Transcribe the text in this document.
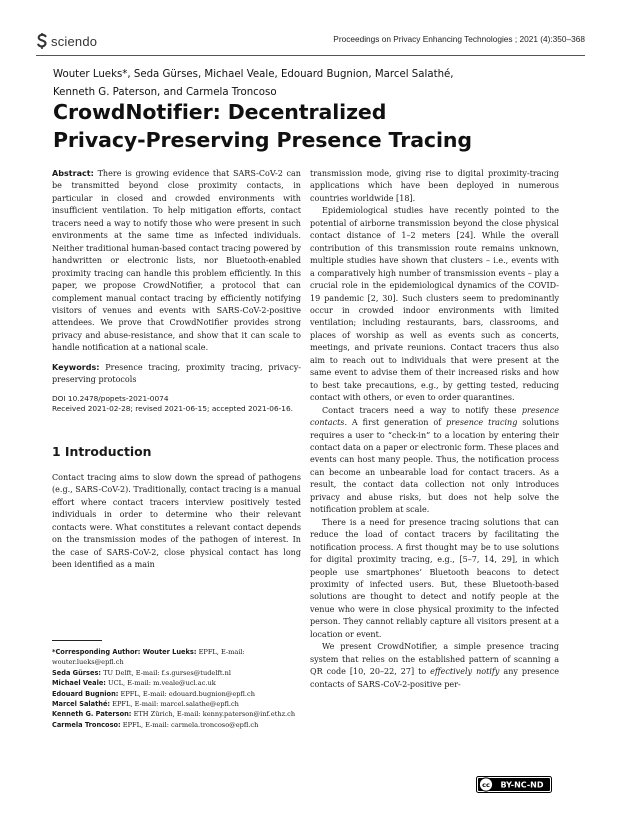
sciendo	Proceedings on Privacy Enhancing Technologies ; 2021 (4):350–368
Wouter Lueks*, Seda Gürses, Michael Veale, Edouard Bugnion, Marcel Salathé,
Kenneth G. Paterson, and Carmela Troncoso
CrowdNotifier: Decentralized
Privacy-Preserving Presence Tracing

Abstract: There is growing evidence that SARS-CoV-2 can be transmitted beyond close proximity contacts, in particular in closed and crowded environments with insufficient ventilation. To help mitigation efforts, contact tracers need a way to notify those who were present in such environments at the same time as infected individuals. Neither traditional human-based contact tracing powered by handwritten or electronic lists, nor Bluetooth-enabled proximity tracing can handle this problem efficiently. In this paper, we propose CrowdNotifier, a protocol that can complement manual contact tracing by efficiently notifying visitors of venues and events with SARS-CoV-2-positive attendees. We prove that CrowdNotifier provides strong privacy and abuse-resistance, and show that it can scale to handle notification at a national scale.

Keywords: Presence tracing, proximity tracing, privacy-preserving protocols

DOI 10.2478/popets-2021-0074
Received 2021-02-28; revised 2021-06-15; accepted 2021-06-16.

1 Introduction

Contact tracing aims to slow down the spread of pathogens (e.g., SARS-CoV-2). Traditionally, contact tracing is a manual effort where contact tracers interview positively tested individuals in order to determine who their relevant contacts were. What constitutes a relevant contact depends on the transmission modes of the pathogen of interest. In the case of SARS-CoV-2, close physical contact has long been identified as a main

*Corresponding Author: Wouter Lueks: EPFL, E-mail: wouter.lueks@epfl.ch

Seda Gürses: TU Delft, E-mail: f.s.gurses@tudelft.nl

Michael Veale: UCL, E-mail: m.veale@ucl.ac.uk

Edouard Bugnion: EPFL, E-mail: edouard.bugnion@epfl.ch

Marcel Salathé: EPFL, E-mail: marcel.salathe@epfl.ch

Kenneth G. Paterson: ETH Zürich, E-mail: kenny.paterson@inf.ethz.ch

Carmela Troncoso: EPFL, E-mail: carmela.troncoso@epfl.ch

transmission mode, giving rise to digital proximity-tracing applications which have been deployed in numerous countries worldwide [18].

Epidemiological studies have recently pointed to the potential of airborne transmission beyond the close physical contact distance of 1–2 meters [24]. While the overall contribution of this transmission route remains unknown, multiple studies have shown that clusters – i.e., events with a comparatively high number of transmission events – play a crucial role in the epidemiological dynamics of the COVID-19 pandemic [2, 30]. Such clusters seem to predominantly occur in crowded indoor environments with limited ventilation; including restaurants, bars, classrooms, and places of worship as well as events such as concerts, meetings, and private reunions. Contact tracers thus also aim to reach out to individuals that were present at the same event to advise them of their increased risks and how to best take precautions, e.g., by getting tested, reducing contact with others, or even to order quarantines.

Contact tracers need a way to notify these presence contacts. A first generation of presence tracing solutions requires a user to “check-in” to a location by entering their contact data on a paper or electronic form. These places and events can host many people. Thus, the notification process can become an unbearable load for contact tracers. As a result, the contact data collection not only introduces privacy and abuse risks, but does not help solve the notification problem at scale.

There is a need for presence tracing solutions that can reduce the load of contact tracers by facilitating the notification process. A first thought may be to use solutions for digital proximity tracing, e.g., [5–7, 14, 29], in which people use smartphones’ Bluetooth beacons to detect proximity of infected users. But, these Bluetooth-based solutions are thought to detect and notify people at the venue who were in close physical proximity to the infected person. They cannot reliably capture all visitors present at a location or event.

We present CrowdNotifier, a simple presence tracing system that relies on the established pattern of scanning a QR code [10, 20–22, 27] to effectively notify any presence contacts of SARS-CoV-2-positive per-

cc BY-NC-ND
